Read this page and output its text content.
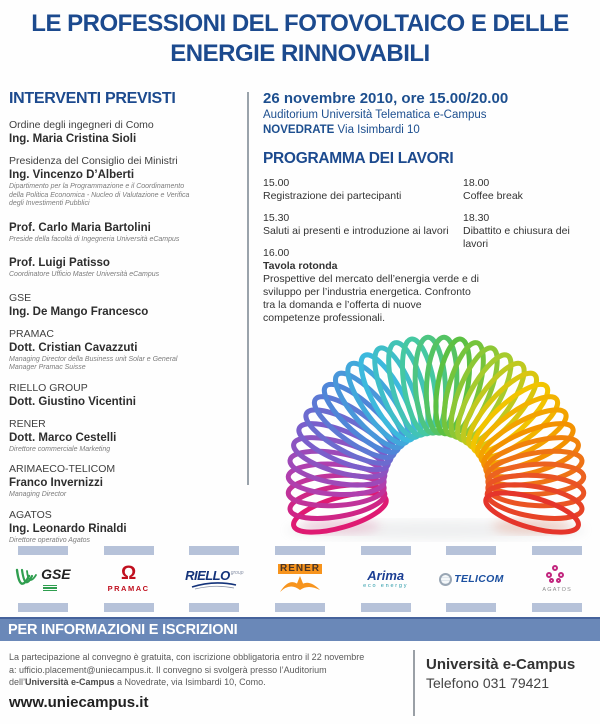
LE PROFESSIONI DEL FOTOVOLTAICO E DELLE
ENERGIE RINNOVABILI
INTERVENTI PREVISTI
Ordine degli ingegneri di Como
Ing. Maria Cristina Sioli
Presidenza del Consiglio dei Ministri
Ing. Vincenzo D’Alberti
Dipartimento per la Programmazione e il Coordinamento della Politica Economica - Nucleo di Valutazione e Verifica degli Investimenti Pubblici
Prof. Carlo Maria Bartolini
Preside della facoltà di Ingegneria Università eCampus
Prof. Luigi Patisso
Coordinatore Ufficio Master Università eCampus
GSE
Ing. De Mango Francesco
PRAMAC
Dott. Cristian Cavazzuti
Managing Director della Business unit Solar e General Manager Pramac Suisse
RIELLO GROUP
Dott. Giustino Vicentini
RENER
Dott. Marco Cestelli
Direttore commerciale Marketing
ARIMAECO-TELICOM
Franco Invernizzi
Managing Director
AGATOS
Ing. Leonardo Rinaldi
Direttore operativo Agatos
26 novembre 2010, ore 15.00/20.00
Auditorium Università Telematica e-Campus
NOVEDRATE Via Isimbardi 10
PROGRAMMA DEI LAVORI
15.00
Registrazione dei partecipanti
15.30
Saluti ai presenti e introduzione ai lavori
16.00
Tavola rotonda
Prospettive del mercato dell’energia verde e di sviluppo per l’industria energetica. Confronto tra la domanda e l’offerta di nuove competenze professionali.
18.00
Coffee break
18.30
Dibattito e chiusura dei lavori
GSE	Ω
PRAMAC
RIELLO group	RENER	Arima
eco energy
TELICOM
AGATOS
PER INFORMAZIONI E ISCRIZIONI
La partecipazione al convegno è gratuita, con iscrizione obbligatoria entro il 22 novembre
a: ufficio.placement@uniecampus.it. Il convegno si svolgerà presso l’Auditorium
dell’Università e-Campus a Novedrate, via Isimbardi 10, Como.
www.uniecampus.it
Università e-Campus
Telefono 031 79421
